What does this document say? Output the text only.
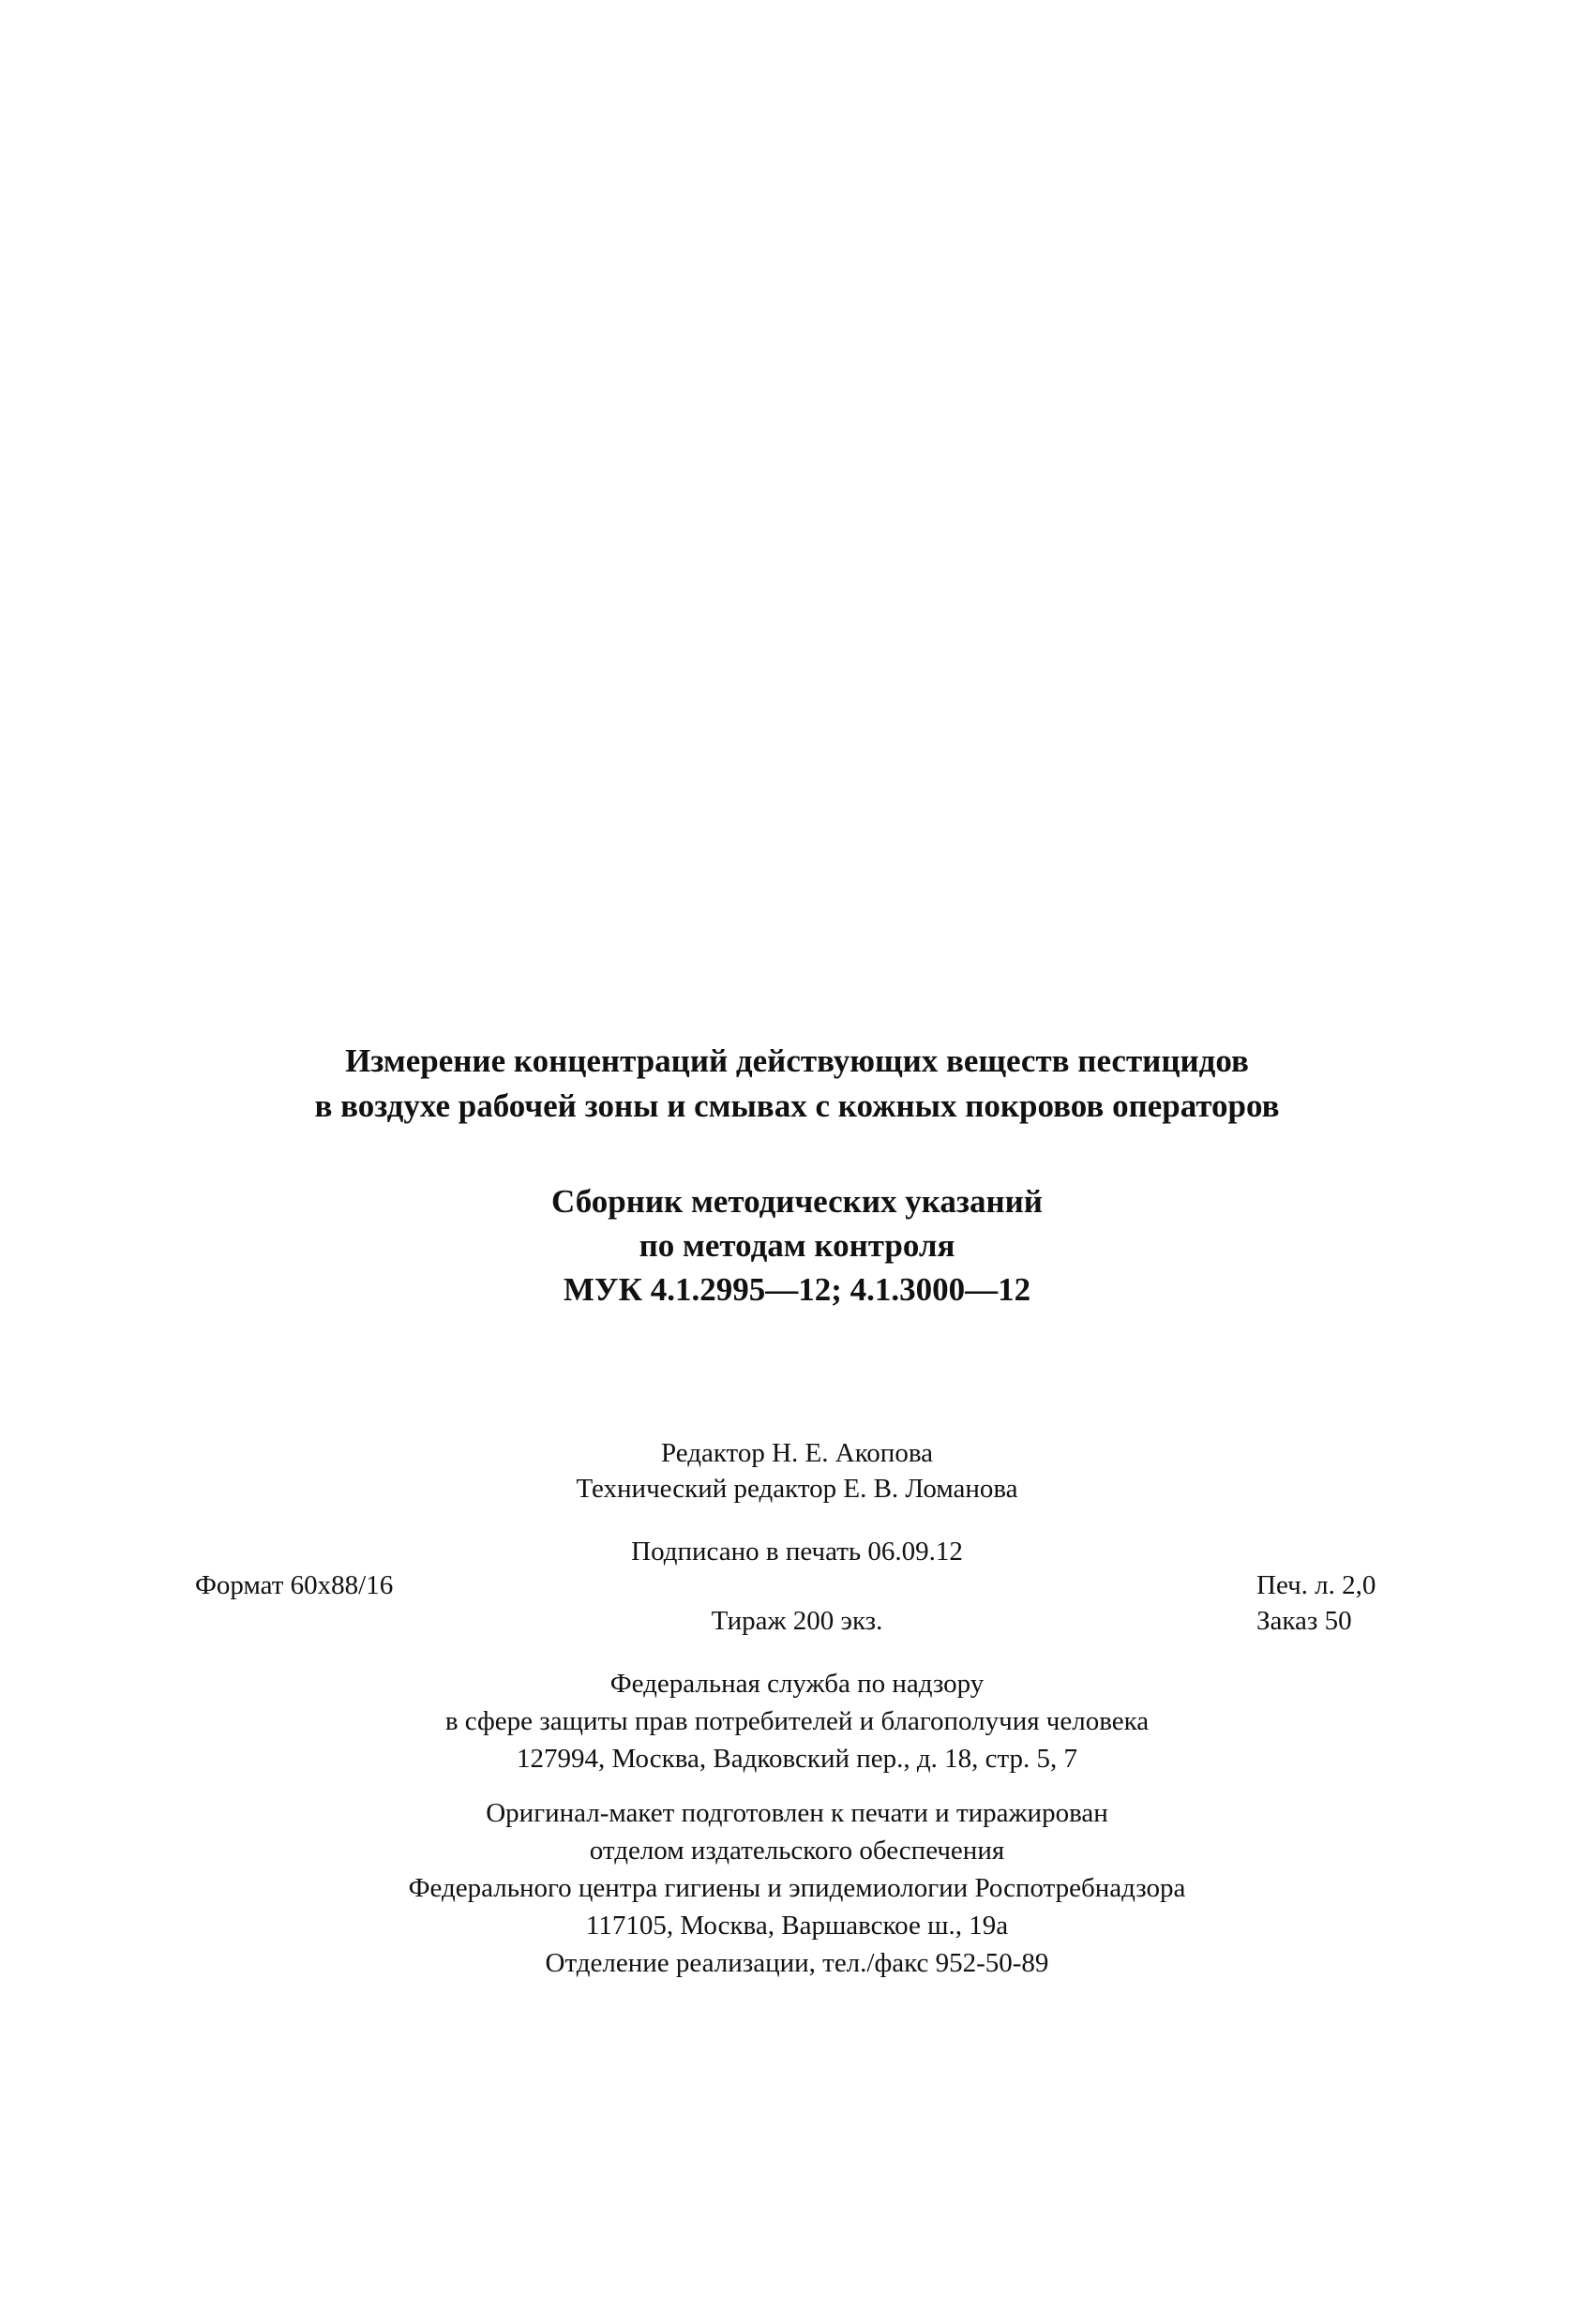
Измерение концентраций действующих веществ пестицидов
в воздухе рабочей зоны и смывах с кожных покровов операторов
Сборник методических указаний
по методам контроля
МУК 4.1.2995—12; 4.1.3000—12
Редактор Н. Е. Акопова
Технический редактор Е. В. Ломанова
Подписано в печать 06.09.12
Формат 60x88/16	Печ. л. 2,0
Тираж 200 экз.	Заказ 50
Федеральная служба по надзору
в сфере защиты прав потребителей и благополучия человека
127994, Москва, Вадковский пер., д. 18, стр. 5, 7
Оригинал-макет подготовлен к печати и тиражирован
отделом издательского обеспечения
Федерального центра гигиены и эпидемиологии Роспотребнадзора
117105, Москва, Варшавское ш., 19а
Отделение реализации, тел./факс 952-50-89
